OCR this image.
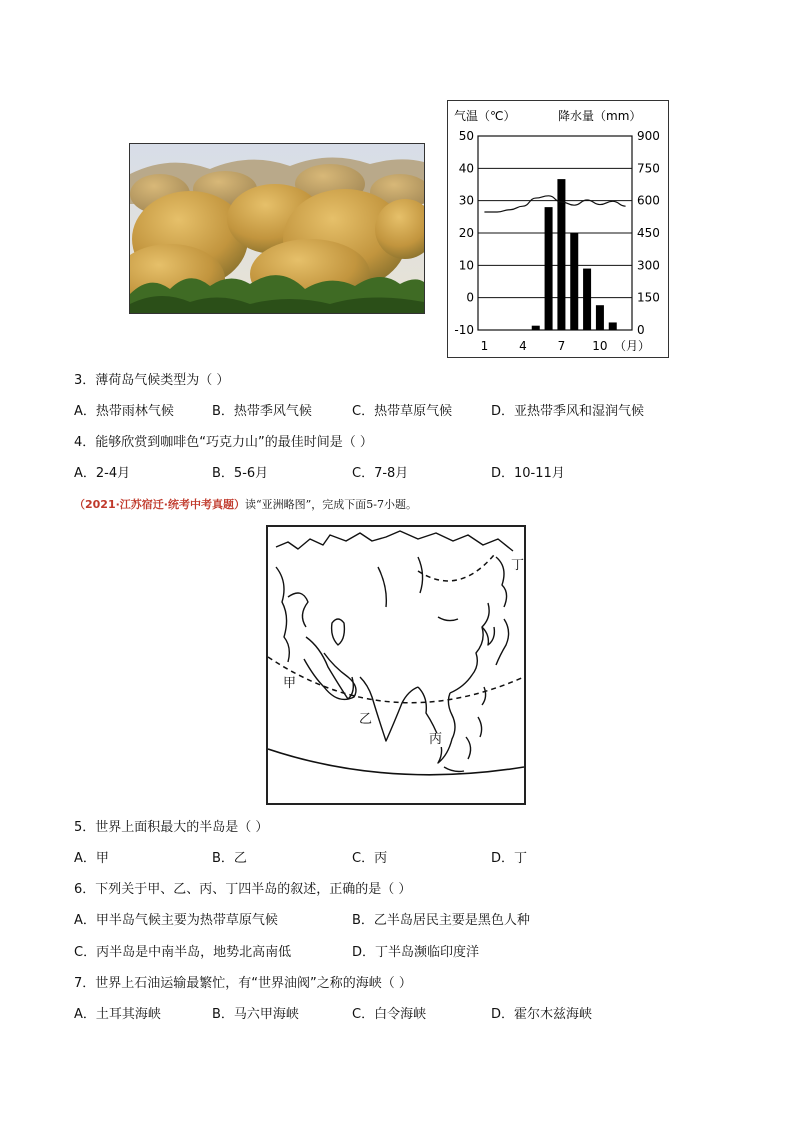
气温（℃）	降水量（mm）
50
40
30
20
10
0
-10
900
750
600
450
300
150
0
1	4	7 10 （月）
3．薄荷岛气候类型为（ ）
A．热带雨林气候	B．热带季风气候	C．热带草原气候	D．亚热带季风和湿润气候
4．能够欣赏到咖啡色“巧克力山”的最佳时间是（ ）
A．2-4月	B．5-6月	C．7-8月	D．10-11月
（2021·江苏宿迁·统考中考真题）读“亚洲略图”，完成下面5-7小题。
甲
乙
丙
丁
5．世界上面积最大的半岛是（ ）
A．甲	B．乙	C．丙	D．丁
6．下列关于甲、乙、丙、丁四半岛的叙述，正确的是（ ）
A．甲半岛气候主要为热带草原气候	B．乙半岛居民主要是黑色人种
C．丙半岛是中南半岛，地势北高南低	D．丁半岛濒临印度洋
7．世界上石油运输最繁忙，有“世界油阀”之称的海峡（ ）
A．土耳其海峡	B．马六甲海峡	C．白令海峡	D．霍尔木兹海峡
